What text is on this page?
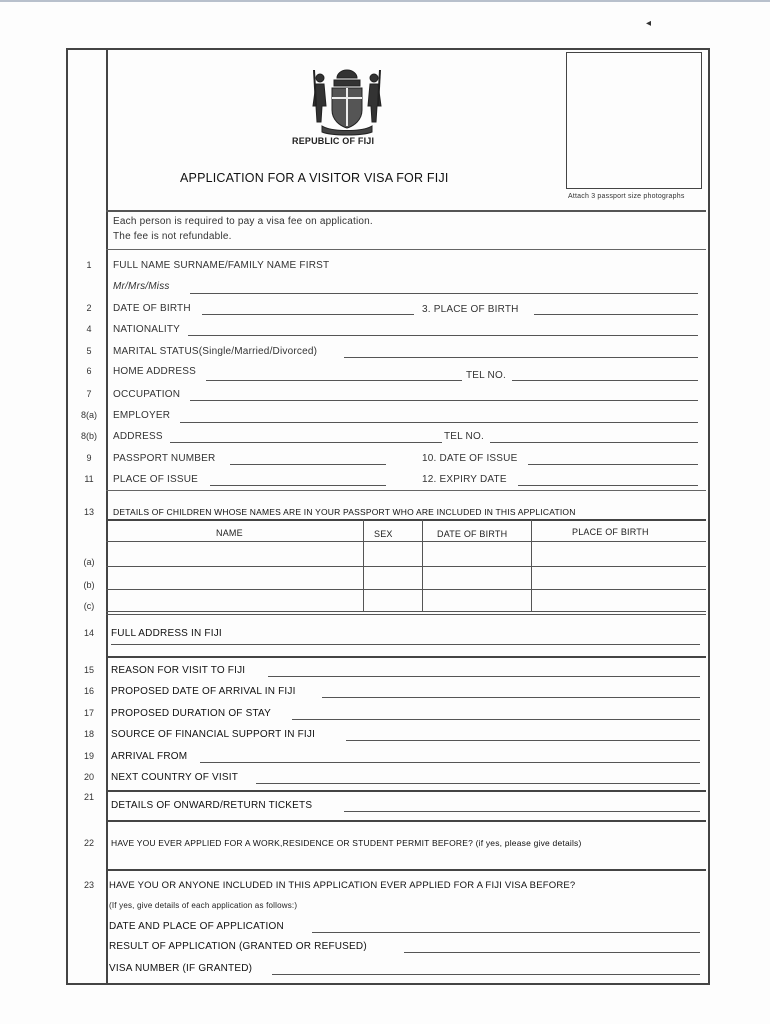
◂
REPUBLIC OF FIJI
Attach 3 passport size photographs
APPLICATION FOR A VISITOR VISA FOR FIJI
Each person is required to pay a visa fee on application.
The fee is not refundable.
1	FULL NAME SURNAME/FAMILY NAME FIRST
Mr/Mrs/Miss
2	DATE OF BIRTH	3. PLACE OF BIRTH
4	NATIONALITY
5	MARITAL STATUS(Single/Married/Divorced)
6	HOME ADDRESS	TEL NO.
7	OCCUPATION
8(a)	EMPLOYER
8(b)	ADDRESS	TEL NO.
9	PASSPORT NUMBER	10. DATE OF ISSUE
11	PLACE OF ISSUE	12. EXPIRY DATE
13	DETAILS OF CHILDREN WHOSE NAMES ARE IN YOUR PASSPORT WHO ARE INCLUDED IN THIS APPLICATION
NAME	SEX	DATE OF BIRTH	PLACE OF BIRTH
(a)
(b)
(c)
14	FULL ADDRESS IN FIJI
15	REASON FOR VISIT TO FIJI
16	PROPOSED DATE OF ARRIVAL IN FIJI
17	PROPOSED DURATION OF STAY
18	SOURCE OF FINANCIAL SUPPORT IN FIJI
19	ARRIVAL FROM
20	NEXT COUNTRY OF VISIT
21
DETAILS OF ONWARD/RETURN TICKETS
22	HAVE YOU EVER APPLIED FOR A WORK,RESIDENCE OR STUDENT PERMIT BEFORE? (if yes, please give details)
23	HAVE YOU OR ANYONE INCLUDED IN THIS APPLICATION EVER APPLIED FOR A FIJI VISA BEFORE?
(If yes, give details of each application as follows:)
DATE AND PLACE OF APPLICATION
RESULT OF APPLICATION (GRANTED OR REFUSED)
VISA NUMBER (IF GRANTED)
